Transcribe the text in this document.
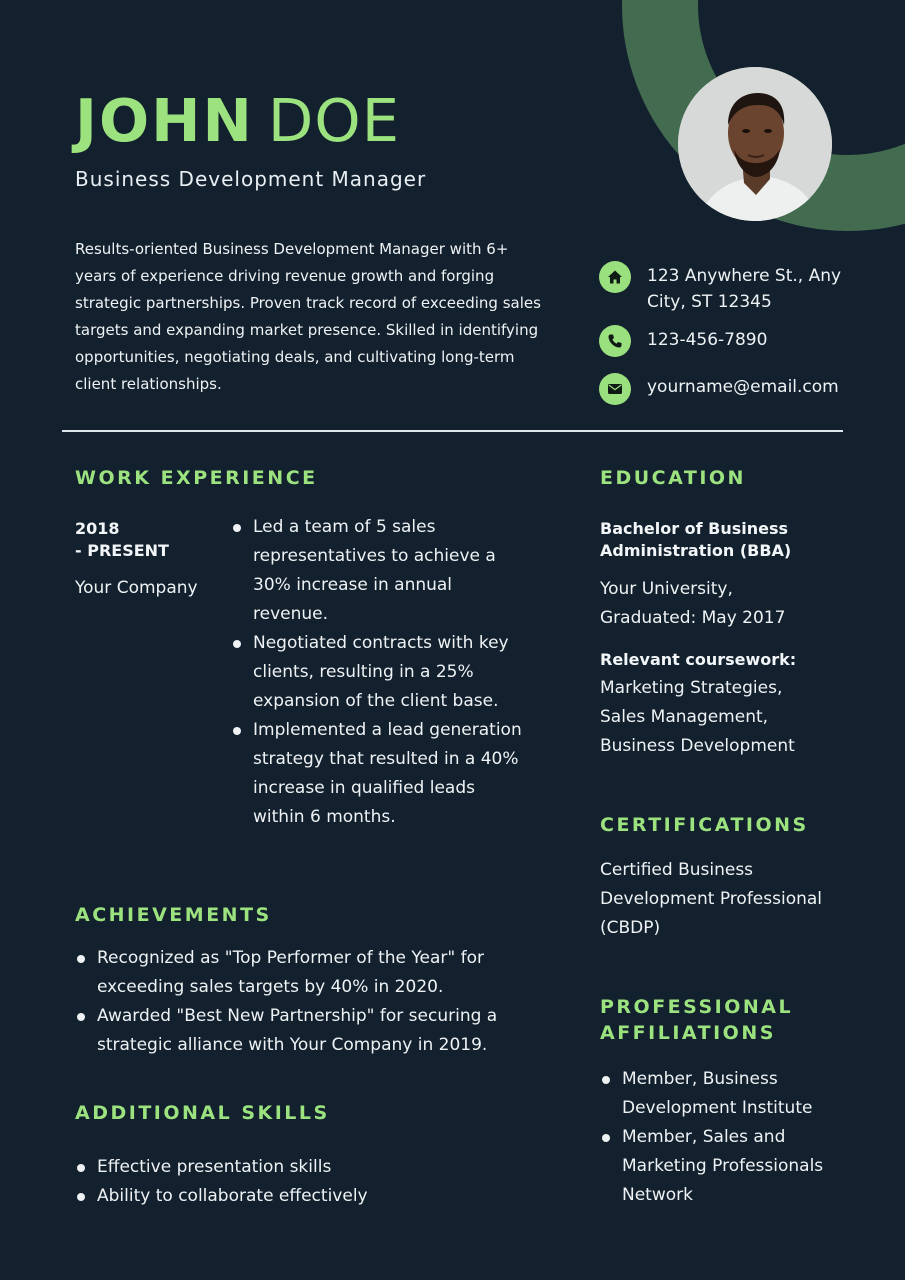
JOHN DOE
Business Development Manager

Results-oriented Business Development Manager with 6+ years of experience driving revenue growth and forging strategic partnerships. Proven track record of exceeding sales targets and expanding market presence. Skilled in identifying opportunities, negotiating deals, and cultivating long-term client relationships.

123 Anywhere St., Any
City, ST 12345
123-456-7890
yourname@email.com
WORK EXPERIENCE
2018
- PRESENT
Your Company
Led a team of 5 sales representatives to achieve a 30% increase in annual revenue.
Negotiated contracts with key clients, resulting in a 25% expansion of the client base.
Implemented a lead generation strategy that resulted in a 40% increase in qualified leads within 6 months.
ACHIEVEMENTS
Recognized as "Top Performer of the Year" for exceeding sales targets by 40% in 2020.
Awarded "Best New Partnership" for securing a strategic alliance with Your Company in 2019.
ADDITIONAL SKILLS
Effective presentation skills
Ability to collaborate effectively
EDUCATION
Bachelor of Business Administration (BBA)
Your University,
Graduated: May 2017
Relevant coursework:
Marketing Strategies,
Sales Management,
Business Development
CERTIFICATIONS
Certified Business Development Professional (CBDP)
PROFESSIONAL
AFFILIATIONS
Member, Business Development Institute
Member, Sales and Marketing Professionals Network
